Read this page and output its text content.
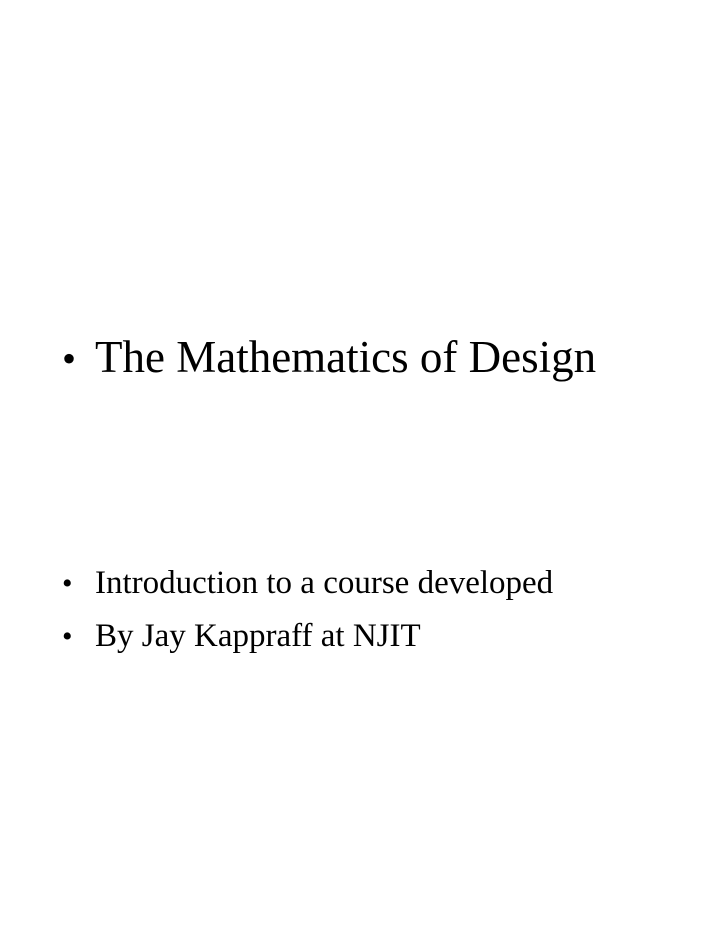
• The Mathematics of Design
• Introduction to a course developed
• By Jay Kappraff at NJIT
